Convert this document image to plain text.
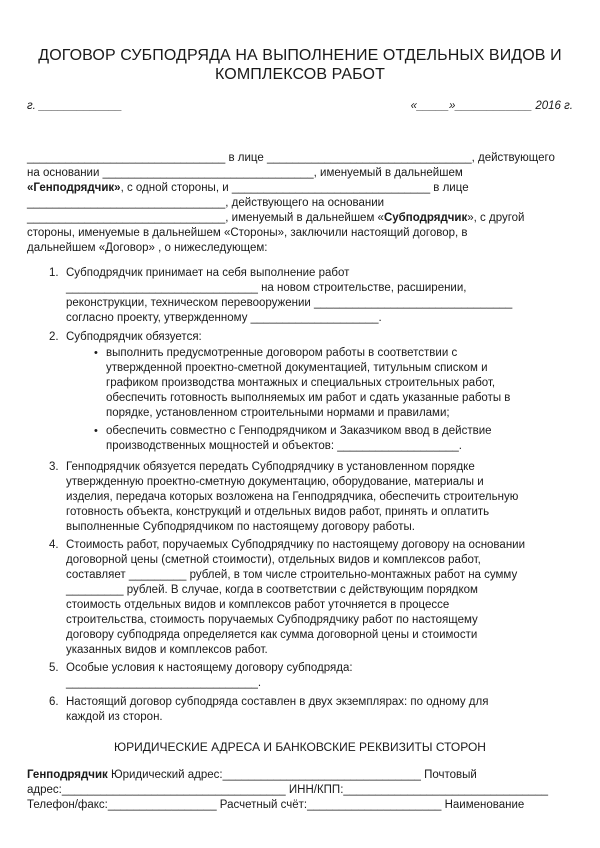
ДОГОВОР СУБПОДРЯДА НА ВЫПОЛНЕНИЕ ОТДЕЛЬНЫХ ВИДОВ И
КОМПЛЕКСОВ РАБОТ
г. _____________	«_____»____________ 2016 г.
_______________________________ в лице ________________________________, действующего
на основании _________________________________, именуемый в дальнейшем
«Генподрядчик», с одной стороны, и _______________________________ в лице
_______________________________, действующего на основании
_______________________________, именуемый в дальнейшем «Субподрядчик», с другой
стороны, именуемые в дальнейшем «Стороны», заключили настоящий договор, в
дальнейшем «Договор» , о нижеследующем:
1. Субподрядчик принимает на себя выполнение работ
______________________________ на новом строительстве, расширении,
реконструкции, техническом перевооружении _______________________________
согласно проекту, утвержденному ____________________.
2. Субподрядчик обязуется:
• выполнить предусмотренные договором работы в соответствии с
утвержденной проектно-сметной документацией, титульным списком и
графиком производства монтажных и специальных строительных работ,
обеспечить готовность выполняемых им работ и сдать указанные работы в
порядке, установленном строительными нормами и правилами;
• обеспечить совместно с Генподрядчиком и Заказчиком ввод в действие
производственных мощностей и объектов: ___________________.
3. Генподрядчик обязуется передать Субподрядчику в установленном порядке
утвержденную проектно-сметную документацию, оборудование, материалы и
изделия, передача которых возложена на Генподрядчика, обеспечить строительную
готовность объекта, конструкций и отдельных видов работ, принять и оплатить
выполненные Субподрядчиком по настоящему договору работы.
4. Стоимость работ, поручаемых Субподрядчику по настоящему договору на основании
договорной цены (сметной стоимости), отдельных видов и комплексов работ,
составляет _________ рублей, в том числе строительно-монтажных работ на сумму
_________ рублей. В случае, когда в соответствии с действующим порядком
стоимость отдельных видов и комплексов работ уточняется в процессе
строительства, стоимость поручаемых Субподрядчику работ по настоящему
договору субподряда определяется как сумма договорной цены и стоимости
указанных видов и комплексов работ.
5. Особые условия к настоящему договору субподряда:
______________________________.
6. Настоящий договор субподряда составлен в двух экземплярах: по одному для
каждой из сторон.
ЮРИДИЧЕСКИЕ АДРЕСА И БАНКОВСКИЕ РЕКВИЗИТЫ СТОРОН
Генподрядчик Юридический адрес:_______________________________ Почтовый
адрес:___________________________________ ИНН/КПП:________________________________
Телефон/факс:_________________ Расчетный счёт:_____________________ Наименование
